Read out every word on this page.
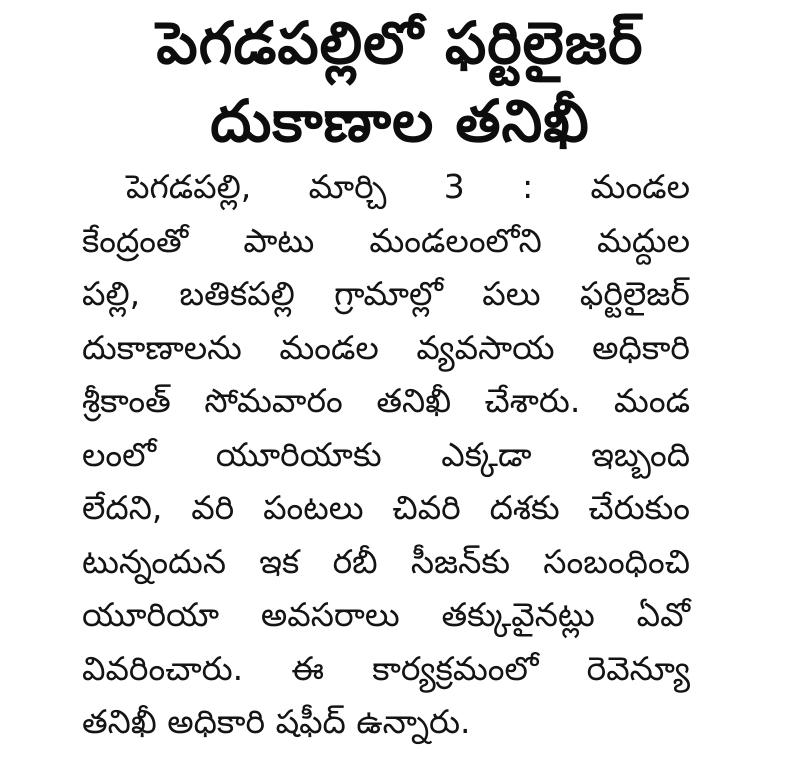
పెగడపల్లిలో ఫర్టిలైజర్
దుకాణాల తనిఖీ
పెగడపల్లి, మార్చి 3 : మండల
కేంద్రంతో పాటు మండలంలోని మద్దుల
పల్లి, బతికపల్లి గ్రామాల్లో పలు ఫర్టిలైజర్
దుకాణాలను మండల వ్యవసాయ అధికారి
శ్రీకాంత్ సోమవారం తనిఖీ చేశారు. మండ
లంలో యూరియాకు ఎక్కడా ఇబ్బంది
లేదని, వరి పంటలు చివరి దశకు చేరుకుం
టున్నందున ఇక రబీ సీజన్‌కు సంబంధించి
యూరియా అవసరాలు తక్కువైనట్లు ఏవో
వివరించారు. ఈ కార్యక్రమంలో రెవెన్యూ
తనిఖీ అధికారి షఫీద్ ఉన్నారు.
